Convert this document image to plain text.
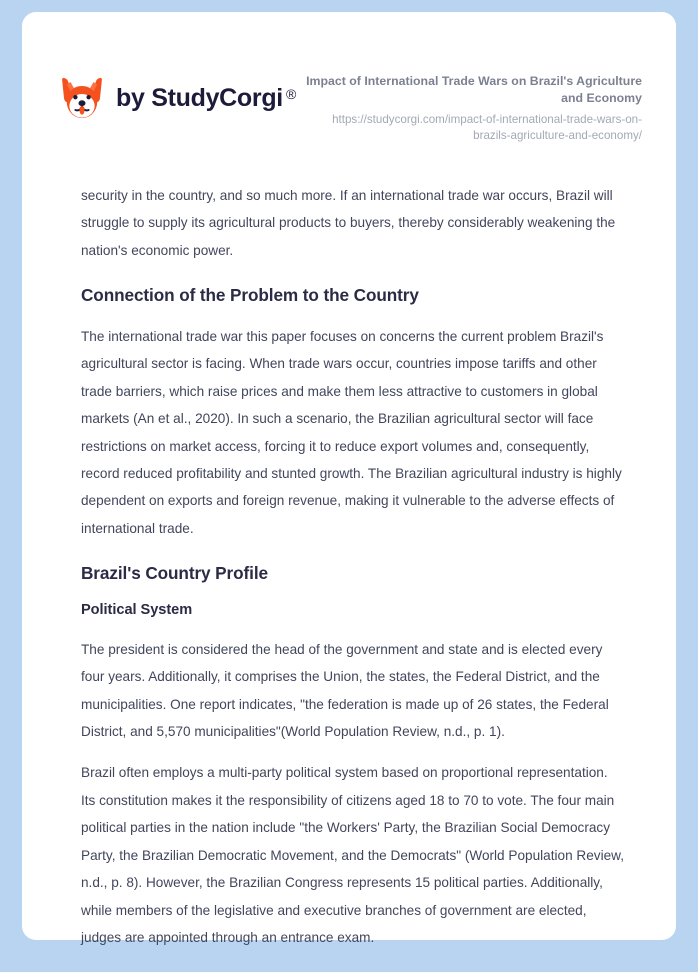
by StudyCorgi ®
Impact of International Trade Wars on Brazil's Agriculture and Economy
https://studycorgi.com/impact-of-international-trade-wars-on-brazils-agriculture-and-economy/

security in the country, and so much more. If an international trade war occurs, Brazil will struggle to supply its agricultural products to buyers, thereby considerably weakening the nation's economic power.

Connection of the Problem to the Country

The international trade war this paper focuses on concerns the current problem Brazil's agricultural sector is facing. When trade wars occur, countries impose tariffs and other trade barriers, which raise prices and make them less attractive to customers in global markets (An et al., 2020). In such a scenario, the Brazilian agricultural sector will face restrictions on market access, forcing it to reduce export volumes and, consequently, record reduced profitability and stunted growth. The Brazilian agricultural industry is highly dependent on exports and foreign revenue, making it vulnerable to the adverse effects of international trade.

Brazil's Country Profile
Political System

The president is considered the head of the government and state and is elected every four years. Additionally, it comprises the Union, the states, the Federal District, and the municipalities. One report indicates, "the federation is made up of 26 states, the Federal District, and 5,570 municipalities"(World Population Review, n.d., p. 1).

Brazil often employs a multi-party political system based on proportional representation. Its constitution makes it the responsibility of citizens aged 18 to 70 to vote. The four main political parties in the nation include "the Workers' Party, the Brazilian Social Democracy Party, the Brazilian Democratic Movement, and the Democrats" (World Population Review, n.d., p. 8). However, the Brazilian Congress represents 15 political parties. Additionally, while members of the legislative and executive branches of government are elected, judges are appointed through an entrance exam.
